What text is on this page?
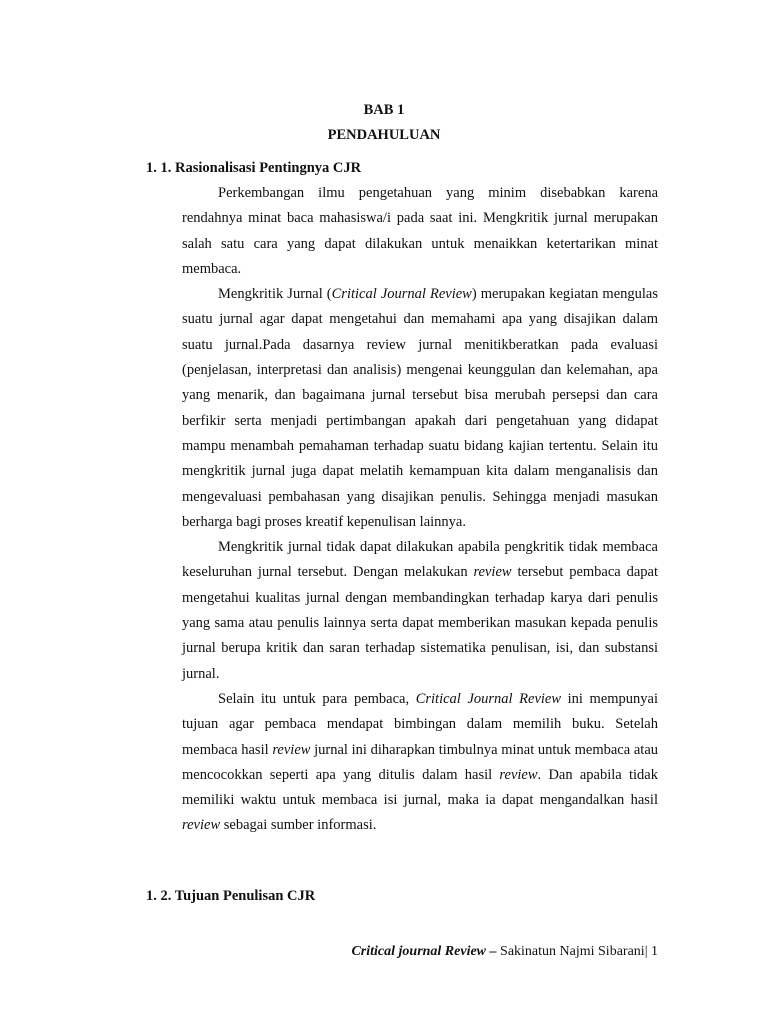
BAB 1
PENDAHULUAN
1. 1. Rasionalisasi Pentingnya CJR

Perkembangan ilmu pengetahuan yang minim disebabkan karena rendahnya minat baca mahasiswa/i pada saat ini. Mengkritik jurnal merupakan salah satu cara yang dapat dilakukan untuk menaikkan ketertarikan minat membaca.

Mengkritik Jurnal (Critical Journal Review) merupakan kegiatan mengulas suatu jurnal agar dapat mengetahui dan memahami apa yang disajikan dalam suatu jurnal.Pada dasarnya review jurnal menitikberatkan pada evaluasi (penjelasan, interpretasi dan analisis) mengenai keunggulan dan kelemahan, apa yang menarik, dan bagaimana jurnal tersebut bisa merubah persepsi dan cara berfikir serta menjadi pertimbangan apakah dari pengetahuan yang didapat mampu menambah pemahaman terhadap suatu bidang kajian tertentu. Selain itu mengkritik jurnal juga dapat melatih kemampuan kita dalam menganalisis dan mengevaluasi pembahasan yang disajikan penulis. Sehingga menjadi masukan berharga bagi proses kreatif kepenulisan lainnya.

Mengkritik jurnal tidak dapat dilakukan apabila pengkritik tidak membaca keseluruhan jurnal tersebut. Dengan melakukan review tersebut pembaca dapat mengetahui kualitas jurnal dengan membandingkan terhadap karya dari penulis yang sama atau penulis lainnya serta dapat memberikan masukan kepada penulis jurnal berupa kritik dan saran terhadap sistematika penulisan, isi, dan substansi jurnal.

Selain itu untuk para pembaca, Critical Journal Review ini mempunyai tujuan agar pembaca mendapat bimbingan dalam memilih buku. Setelah membaca hasil review jurnal ini diharapkan timbulnya minat untuk membaca atau mencocokkan seperti apa yang ditulis dalam hasil review. Dan apabila tidak memiliki waktu untuk membaca isi jurnal, maka ia dapat mengandalkan hasil review sebagai sumber informasi.

1. 2. Tujuan Penulisan CJR
Critical journal Review – Sakinatun Najmi Sibarani| 1
